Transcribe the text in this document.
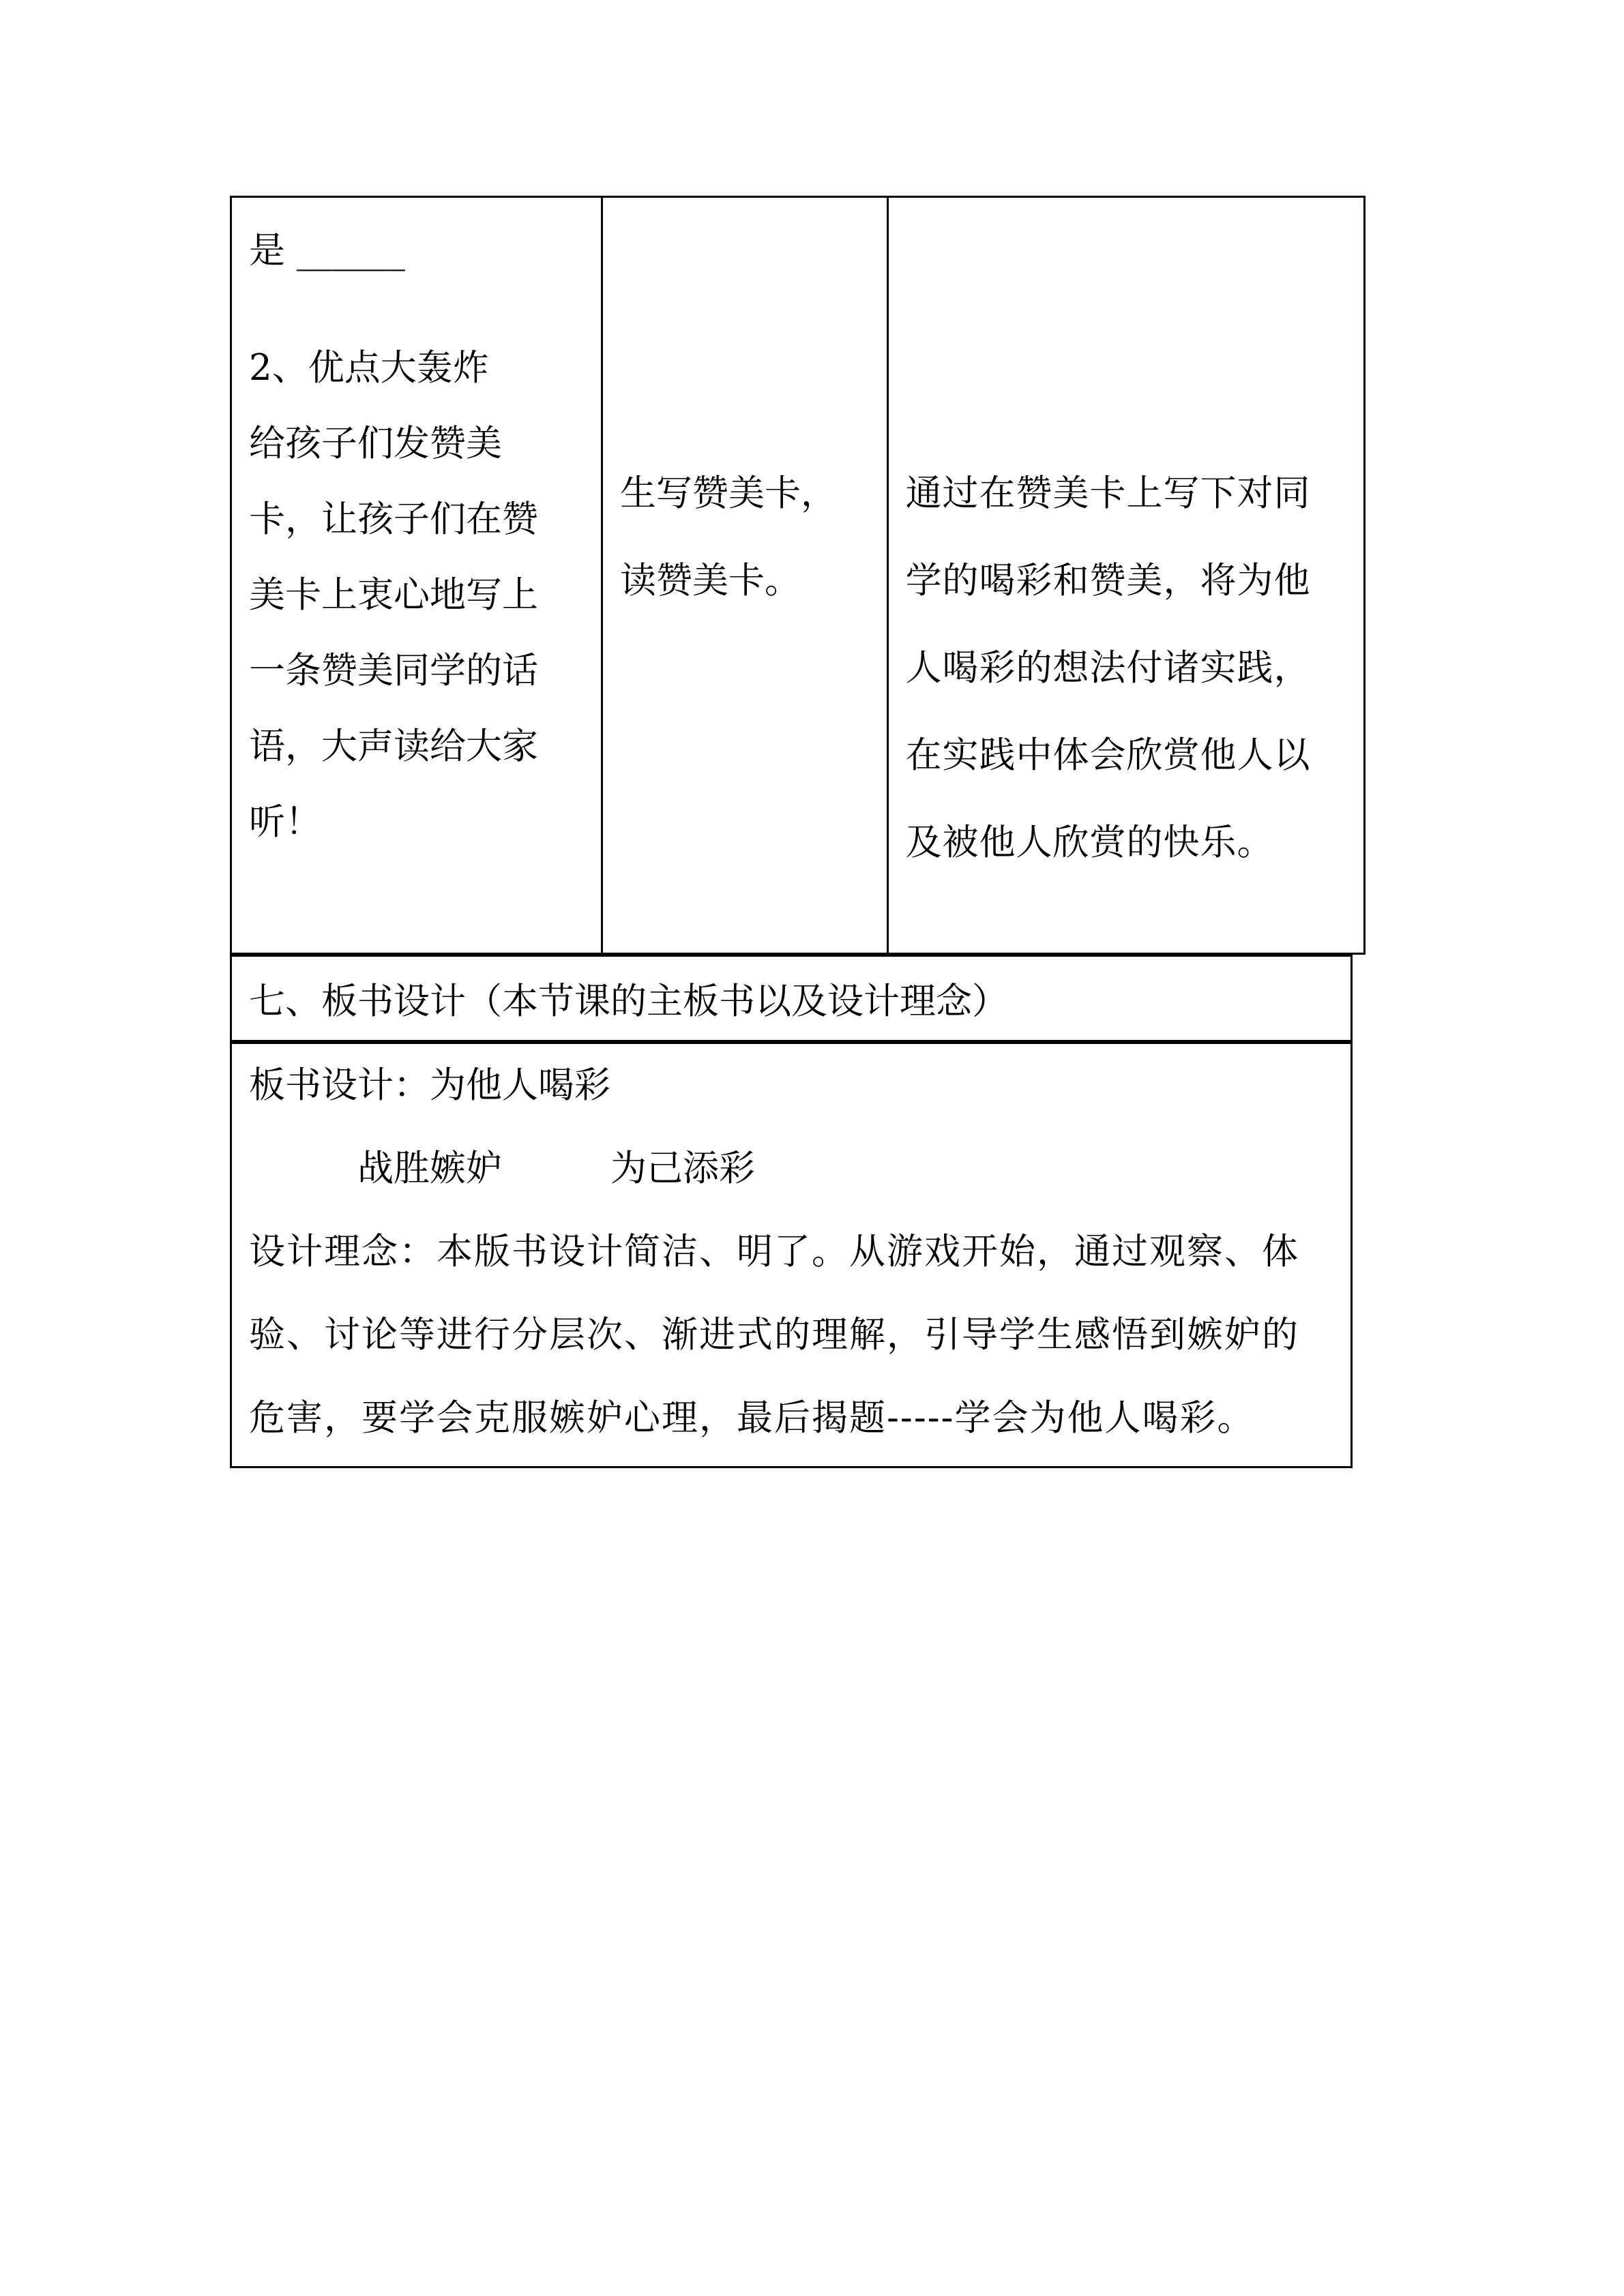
是 ______
2、优点大轰炸
给孩子们发赞美
卡，让孩子们在赞
美卡上衷心地写上
一条赞美同学的话
语，大声读给大家
听！
生写赞美卡，
读赞美卡。
通过在赞美卡上写下对同
学的喝彩和赞美，将为他
人喝彩的想法付诸实践，
在实践中体会欣赏他人以
及被他人欣赏的快乐。
七、板书设计（本节课的主板书以及设计理念）
板书设计：为他人喝彩
　　　战胜嫉妒　　　为己添彩
设计理念：本版书设计简洁、明了。从游戏开始，通过观察、体
验、讨论等进行分层次、渐进式的理解，引导学生感悟到嫉妒的
危害，要学会克服嫉妒心理，最后揭题-----学会为他人喝彩。
